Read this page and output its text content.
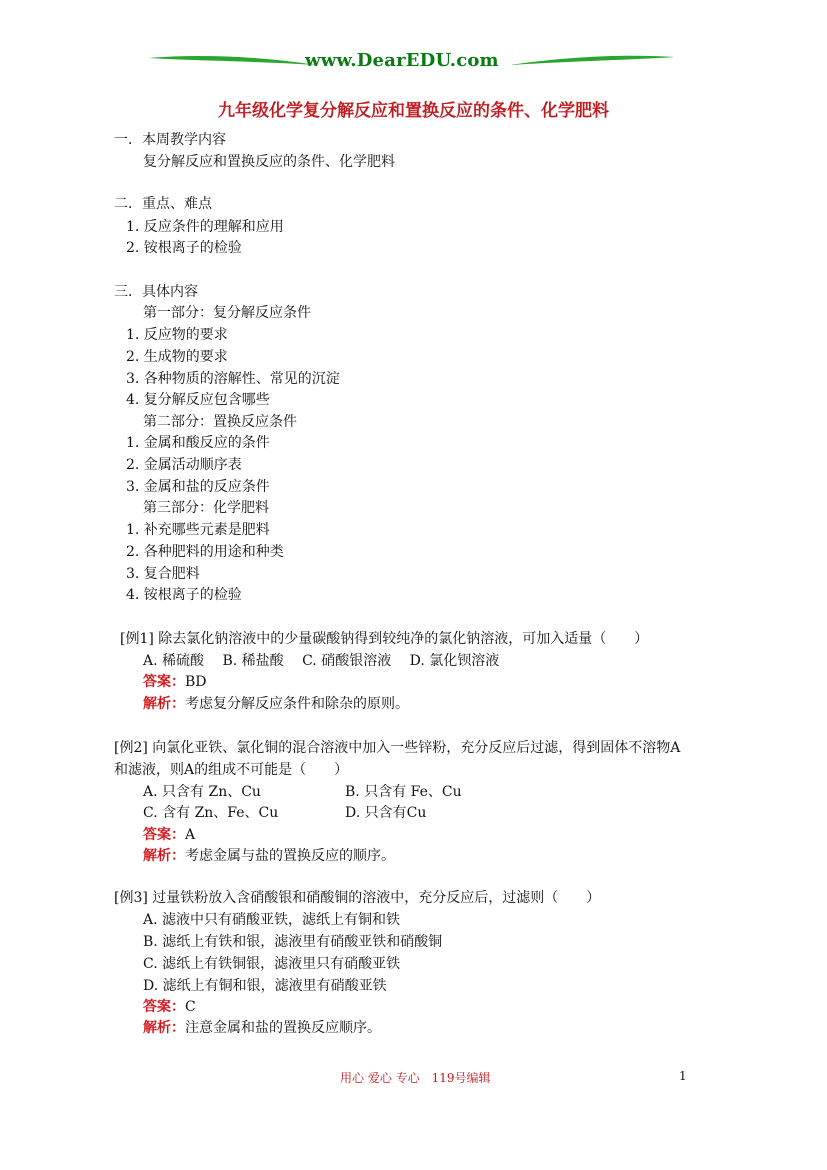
www.DearEDU.com
九年级化学复分解反应和置换反应的条件、化学肥料
一．本周教学内容
复分解反应和置换反应的条件、化学肥料
二．重点、难点
1. 反应条件的理解和应用
2. 铵根离子的检验
三．具体内容
第一部分：复分解反应条件
1. 反应物的要求
2. 生成物的要求
3. 各种物质的溶解性、常见的沉淀
4. 复分解反应包含哪些
第二部分：置换反应条件
1. 金属和酸反应的条件
2. 金属活动顺序表
3. 金属和盐的反应条件
第三部分：化学肥料
1. 补充哪些元素是肥料
2. 各种肥料的用途和种类
3. 复合肥料
4. 铵根离子的检验
[例1] 除去氯化钠溶液中的少量碳酸钠得到较纯净的氯化钠溶液，可加入适量（　　）
A. 稀硫酸　 B. 稀盐酸　 C. 硝酸银溶液　 D. 氯化钡溶液
答案：BD
解析：考虑复分解反应条件和除杂的原则。
[例2] 向氯化亚铁、氯化铜的混合溶液中加入一些锌粉，充分反应后过滤，得到固体不溶物A
和滤液，则A的组成不可能是（　　）
A. 只含有 Zn、Cu	B. 只含有 Fe、Cu
C. 含有 Zn、Fe、Cu	D. 只含有Cu
答案：A
解析：考虑金属与盐的置换反应的顺序。
[例3] 过量铁粉放入含硝酸银和硝酸铜的溶液中，充分反应后，过滤则（　　）
A. 滤液中只有硝酸亚铁，滤纸上有铜和铁
B. 滤纸上有铁和银，滤液里有硝酸亚铁和硝酸铜
C. 滤纸上有铁铜银，滤液里只有硝酸亚铁
D. 滤纸上有铜和银，滤液里有硝酸亚铁
答案：C
解析：注意金属和盐的置换反应顺序。
用心 爱心 专心　119号编辑	1
